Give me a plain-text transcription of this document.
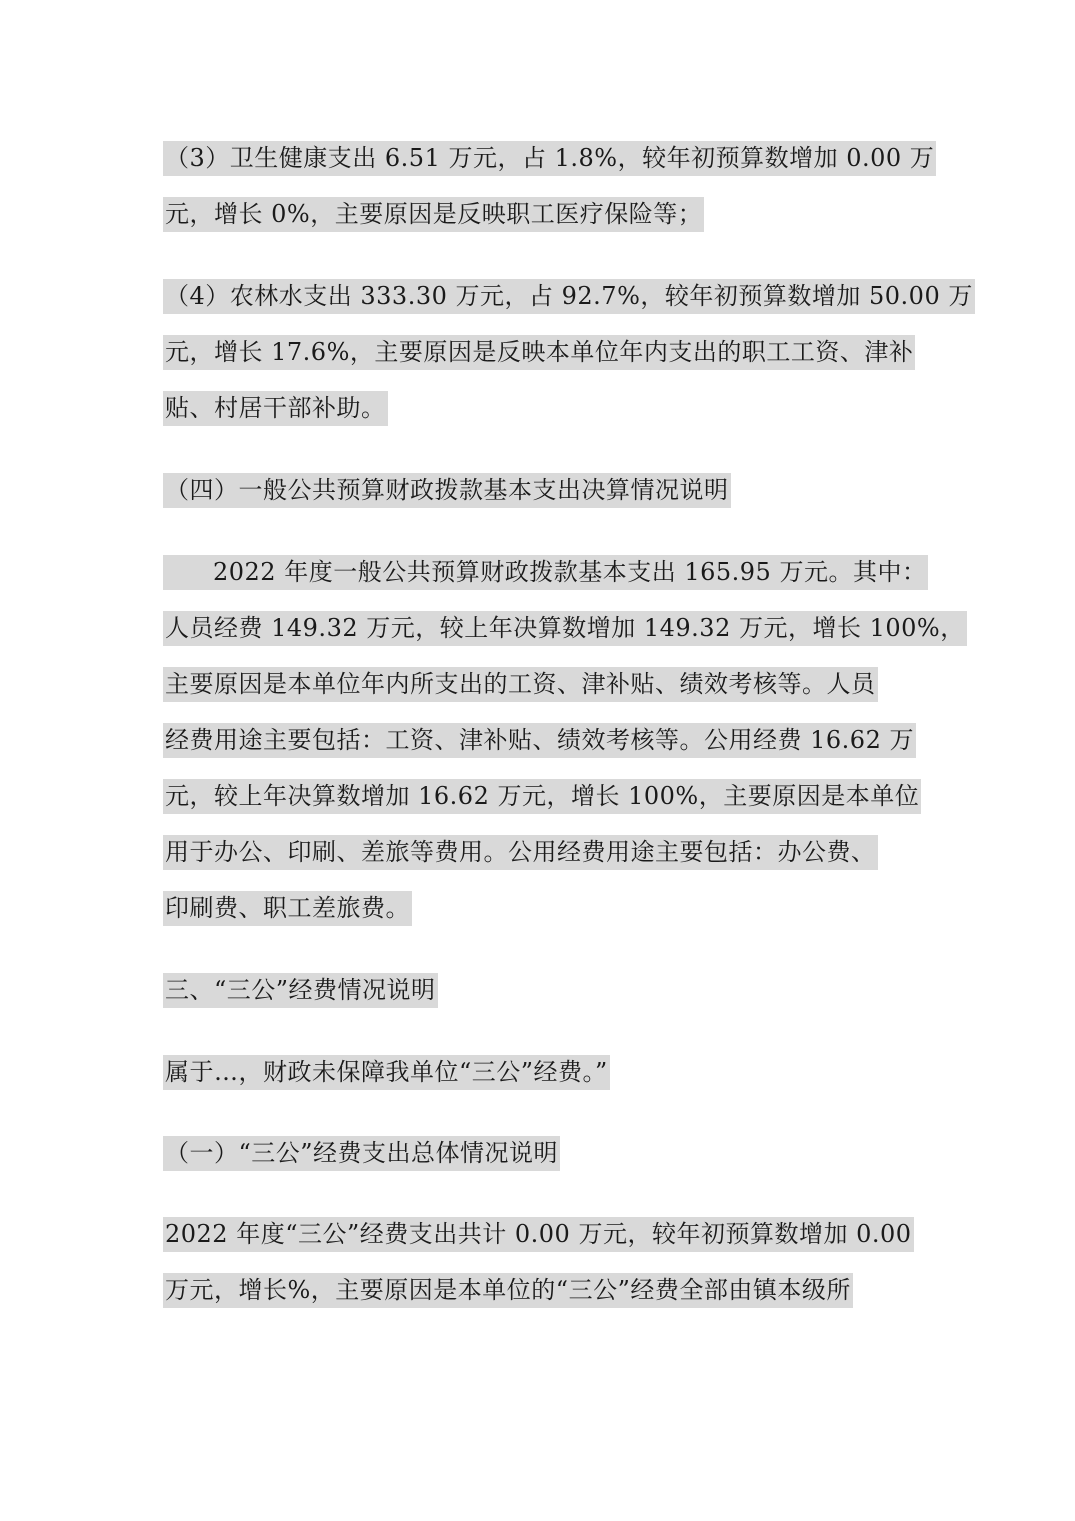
（3）卫生健康支出 6.51 万元，占 1.8%，较年初预算数增加 0.00 万
元，增长 0%，主要原因是反映职工医疗保险等；
（4）农林水支出 333.30 万元，占 92.7%，较年初预算数增加 50.00 万
元，增长 17.6%，主要原因是反映本单位年内支出的职工工资、津补
贴、村居干部补助。
（四）一般公共预算财政拨款基本支出决算情况说明
2022 年度一般公共预算财政拨款基本支出 165.95 万元。其中：
人员经费 149.32 万元，较上年决算数增加 149.32 万元，增长 100%，
主要原因是本单位年内所支出的工资、津补贴、绩效考核等。人员
经费用途主要包括：工资、津补贴、绩效考核等。公用经费 16.62 万
元，较上年决算数增加 16.62 万元，增长 100%，主要原因是本单位
用于办公、印刷、差旅等费用。公用经费用途主要包括：办公费、
印刷费、职工差旅费。
三、“三公”经费情况说明
属于…，财政未保障我单位“三公”经费。”
（一）“三公”经费支出总体情况说明
2022 年度“三公”经费支出共计 0.00 万元，较年初预算数增加 0.00
万元，增长%，主要原因是本单位的“三公”经费全部由镇本级所
